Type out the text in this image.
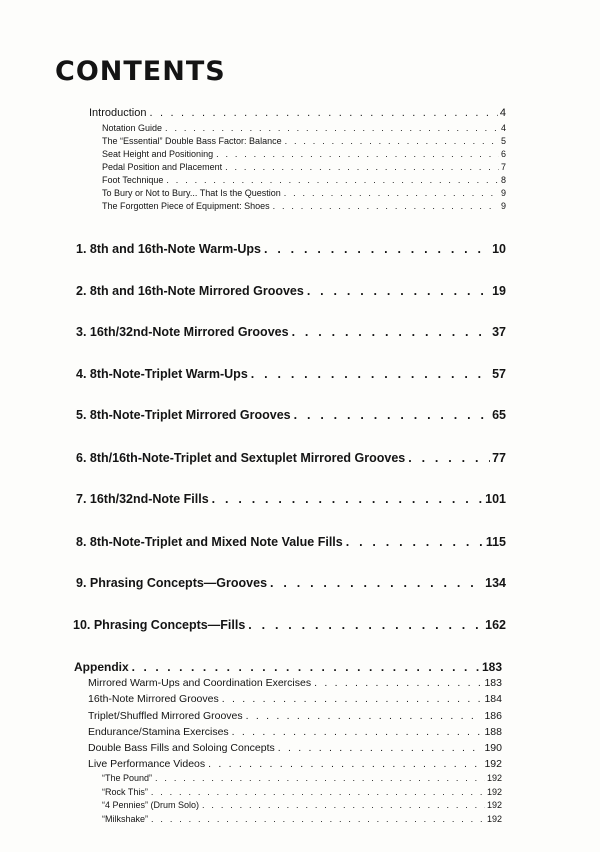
CONTENTS
Introduction . . .	4
Notation Guide . . .	4
The “Essential” Double Bass Factor: Balance . . .	5
Seat Height and Positioning . . .	6
Pedal Position and Placement . . .	7
Foot Technique . . .	8
To Bury or Not to Bury... That Is the Question . . .	9
The Forgotten Piece of Equipment: Shoes . . .	9
1. 8th and 16th-Note Warm-Ups . . .	10
2. 8th and 16th-Note Mirrored Grooves . . .	19
3. 16th/32nd-Note Mirrored Grooves . . .	37
4. 8th-Note-Triplet Warm-Ups . . .	57
5. 8th-Note-Triplet Mirrored Grooves . . .	65
6. 8th/16th-Note-Triplet and Sextuplet Mirrored Grooves . . .	77
7. 16th/32nd-Note Fills . . .	101
8. 8th-Note-Triplet and Mixed Note Value Fills . . .	115
9. Phrasing Concepts—Grooves . . .	134
10. Phrasing Concepts—Fills . . .	162
Appendix . . .	183
Mirrored Warm-Ups and Coordination Exercises . . .	183
16th-Note Mirrored Grooves . . .	184
Triplet/Shuffled Mirrored Grooves . . .	186
Endurance/Stamina Exercises . . .	188
Double Bass Fills and Soloing Concepts . . .	190
Live Performance Videos . . .	192
“The Pound” . . .	192
“Rock This” . . .	192
“4 Pennies” (Drum Solo) . . .	192
“Milkshake” . . .	192
